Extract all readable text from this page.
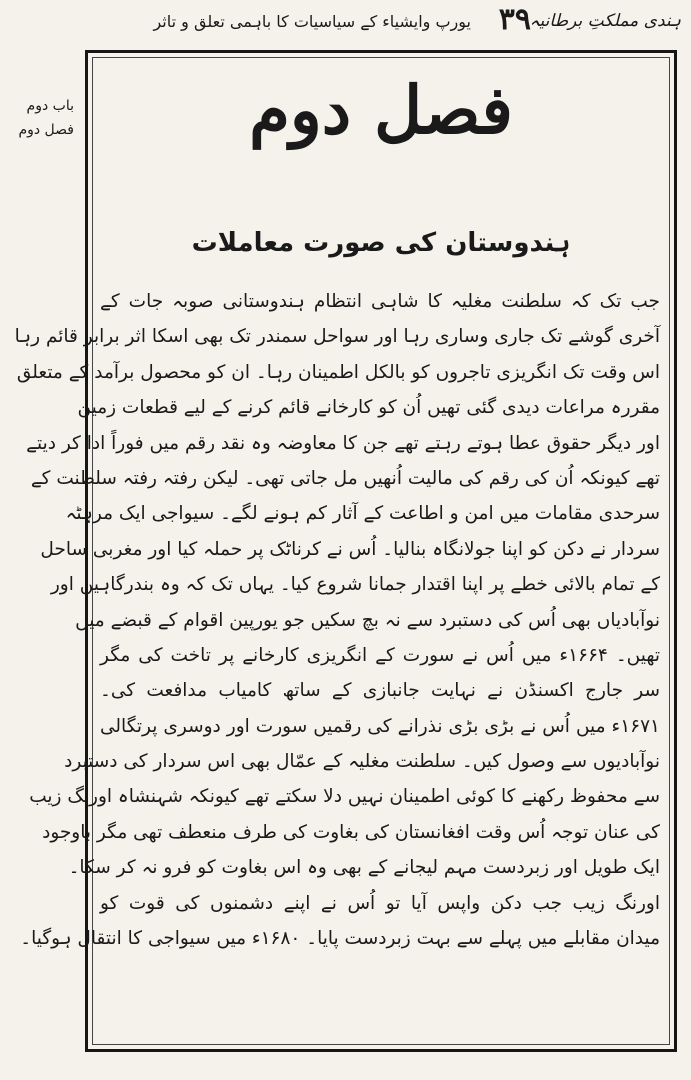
ہندی مملکتِ برطانیہ
۳۹
یورپ وایشیاء کے سیاسیات کا باہمی تعلق و تاثر
باب دوم
فصل دوم	فصل دوم
ہندوستان کی صورت معاملات
جب تک کہ سلطنت مغلیہ کا شاہی انتظام ہندوستانی صوبہ جات کے
آخری گوشے تک جاری وساری رہا اور سواحل سمندر تک بھی اسکا اثر برابر قائم رہا
اس وقت تک انگریزی تاجروں کو بالکل اطمینان رہا۔ ان کو محصول برآمد کے متعلق
مقررہ مراعات دیدی گئی تھیں اُن کو کارخانے قائم کرنے کے لیے قطعات زمین
اور دیگر حقوق عطا ہوتے رہتے تھے جن کا معاوضہ وہ نقد رقم میں فوراً ادا کر دیتے
تھے کیونکہ اُن کی رقم کی مالیت اُنھیں مل جاتی تھی۔ لیکن رفتہ رفتہ سلطنت کے
سرحدی مقامات میں امن و اطاعت کے آثار کم ہونے لگے۔ سیواجی ایک مرہٹہ
سردار نے دکن کو اپنا جولانگاہ بنالیا۔ اُس نے کرناٹک پر حملہ کیا اور مغربی ساحل
کے تمام بالائی خطے پر اپنا اقتدار جمانا شروع کیا۔ یہاں تک کہ وہ بندرگاہیں اور
نوآبادیاں بھی اُس کی دستبرد سے نہ بچ سکیں جو یورپین اقوام کے قبضے میں
تھیں۔ ۱۶۶۴ء میں اُس نے سورت کے انگریزی کارخانے پر تاخت کی مگر
سر جارج اکسنڈن نے نہایت جانبازی کے ساتھ کامیاب مدافعت کی۔
۱۶۷۱ء میں اُس نے بڑی بڑی نذرانے کی رقمیں سورت اور دوسری پرتگالی
نوآبادیوں سے وصول کیں۔ سلطنت مغلیہ کے عمّال بھی اس سردار کی دستبرد
سے محفوظ رکھنے کا کوئی اطمینان نہیں دلا سکتے تھے کیونکہ شہنشاہ اورنگ زیب
کی عنان توجہ اُس وقت افغانستان کی بغاوت کی طرف منعطف تھی مگر باوجود
ایک طویل اور زبردست مہم لیجانے کے بھی وہ اس بغاوت کو فرو نہ کر سکا۔
اورنگ زیب جب دکن واپس آیا تو اُس نے اپنے دشمنوں کی قوت کو
میدان مقابلے میں پہلے سے بہت زبردست پایا۔ ۱۶۸۰ء میں سیواجی کا انتقال ہوگیا۔
